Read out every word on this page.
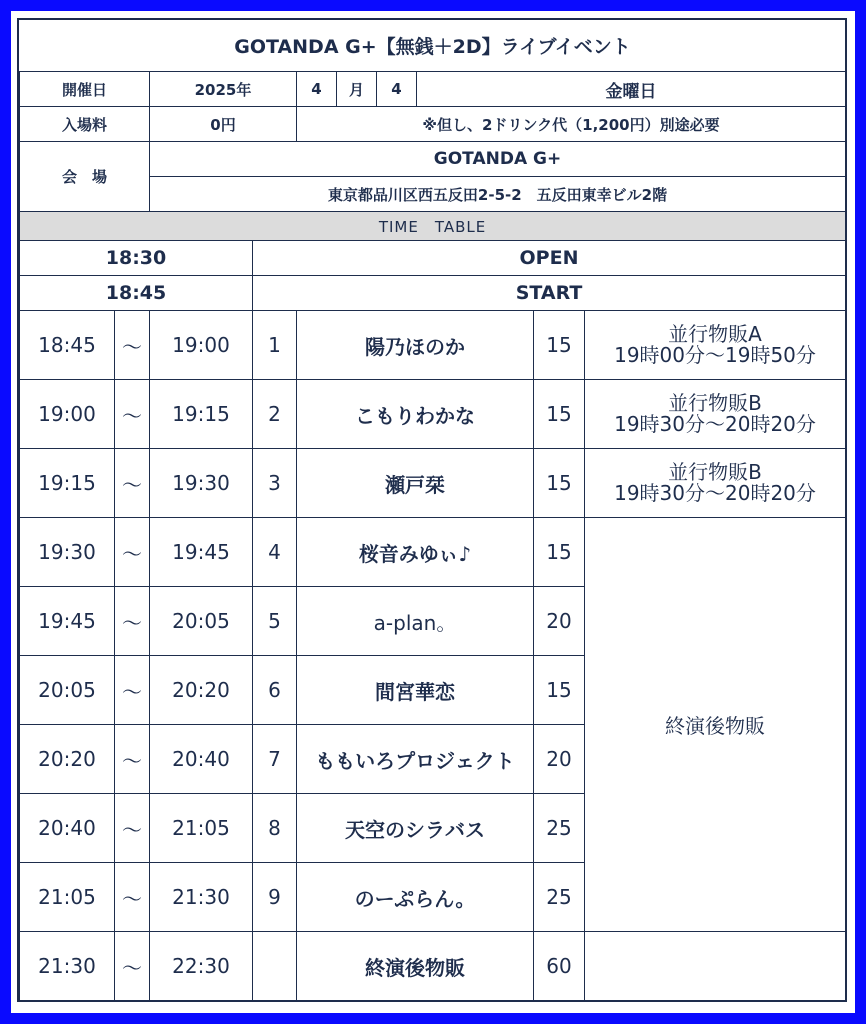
GOTANDA G+【無銭＋2D】ライブイベント									
開催日		2025年		4	月	4	金曜日		
入場料		0円		※但し、2ドリンク代（1,200円）別途必要					
会　場		GOTANDA G+							
		東京都品川区西五反田2-5-2　五反田東幸ビル2階							
TIME　TABLE									
18:30			OPEN						
18:45			START						
18:45	～	19:00	1	陽乃ほのか				15	並行物販A
19時00分～19時50分
19:00	～	19:15	2	こもりわかな				15	並行物販B
19時30分～20時20分
19:15	～	19:30	3	瀬戸栞				15	並行物販B
19時30分～20時20分
19:30	～	19:45	4	桜音みゆぃ♪				15	終演後物販
19:45	～	20:05	5	a-plan。				20	
20:05	～	20:20	6	間宮華恋				15	
20:20	～	20:40	7	ももいろプロジェクト				20	
20:40	～	21:05	8	天空のシラバス				25	
21:05	～	21:30	9	のーぷらん。				25	
21:30	～	22:30		終演後物販				60	
